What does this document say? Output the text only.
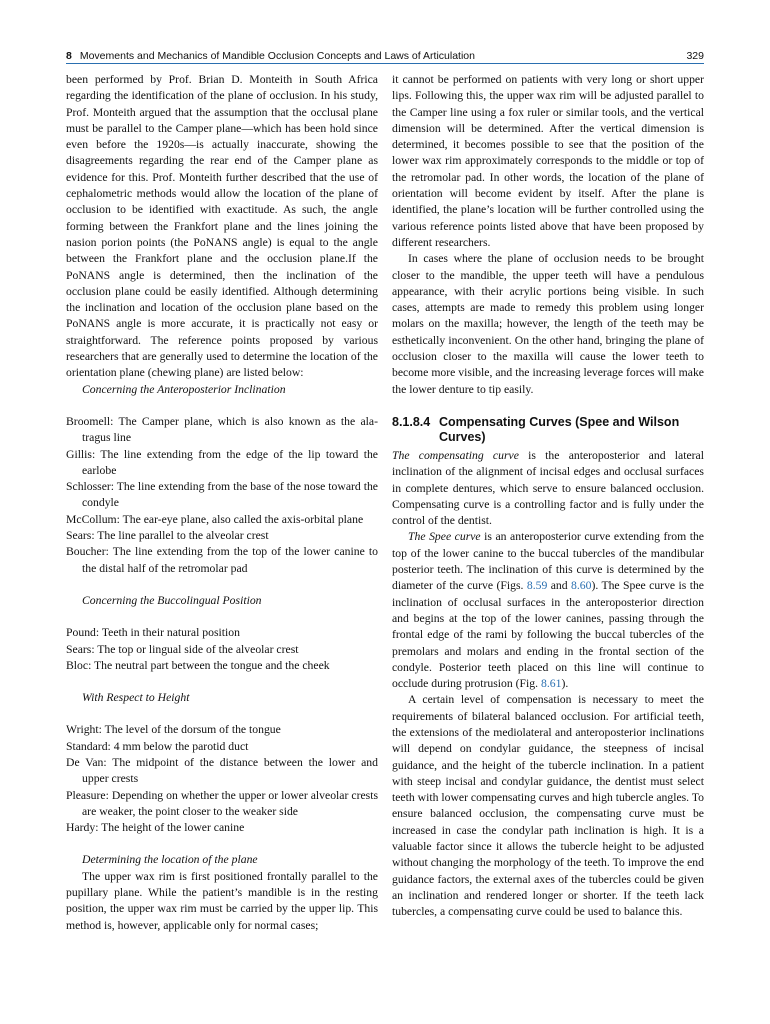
8 Movements and Mechanics of Mandible Occlusion Concepts and Laws of Articulation	329

been performed by Prof. Brian D. Monteith in South Africa regarding the identification of the plane of occlusion. In his study, Prof. Monteith argued that the assumption that the occlusal plane must be parallel to the Camper plane—which has been hold since even before the 1920s—is actually inaccurate, showing the disagreements regarding the rear end of the Camper plane as evidence for this. Prof. Monteith further described that the use of cephalometric methods would allow the location of the plane of occlusion to be identified with exactitude. As such, the angle forming between the Frankfort plane and the lines joining the nasion porion points (the PoNANS angle) is equal to the angle between the Frankfort plane and the occlusion plane.If the PoNANS angle is determined, then the inclination of the occlusion plane could be easily identified. Although determining the inclination and location of the occlusion plane based on the PoNANS angle is more accurate, it is practically not easy or straightforward. The reference points proposed by various researchers that are generally used to determine the location of the orientation plane (chewing plane) are listed below:

Concerning the Anteroposterior Inclination

Broomell: The Camper plane, which is also known as the ala-tragus line
Gillis: The line extending from the edge of the lip toward the earlobe
Schlosser: The line extending from the base of the nose toward the condyle
McCollum: The ear-eye plane, also called the axis-orbital plane
Sears: The line parallel to the alveolar crest
Boucher: The line extending from the top of the lower canine to the distal half of the retromolar pad

Concerning the Buccolingual Position

Pound: Teeth in their natural position
Sears: The top or lingual side of the alveolar crest
Bloc: The neutral part between the tongue and the cheek

With Respect to Height

Wright: The level of the dorsum of the tongue
Standard: 4 mm below the parotid duct
De Van: The midpoint of the distance between the lower and upper crests
Pleasure: Depending on whether the upper or lower alveolar crests are weaker, the point closer to the weaker side
Hardy: The height of the lower canine

Determining the location of the plane

The upper wax rim is first positioned frontally parallel to the pupillary plane. While the patient’s mandible is in the resting position, the upper wax rim must be carried by the upper lip. This method is, however, applicable only for normal cases;

it cannot be performed on patients with very long or short upper lips. Following this, the upper wax rim will be adjusted parallel to the Camper line using a fox ruler or similar tools, and the vertical dimension will be determined. After the vertical dimension is determined, it becomes possible to see that the position of the lower wax rim approximately corresponds to the middle or top of the retromolar pad. In other words, the location of the plane of orientation will become evident by itself. After the plane is identified, the plane’s location will be further controlled using the various reference points listed above that have been proposed by different researchers.

In cases where the plane of occlusion needs to be brought closer to the mandible, the upper teeth will have a pendulous appearance, with their acrylic portions being visible. In such cases, attempts are made to remedy this problem using longer molars on the maxilla; however, the length of the teeth may be esthetically inconvenient. On the other hand, bringing the plane of occlusion closer to the maxilla will cause the lower teeth to become more visible, and the increasing leverage forces will make the lower denture to tip easily.

8.1.8.4 Compensating Curves (Spee and Wilson Curves)

The compensating curve is the anteroposterior and lateral inclination of the alignment of incisal edges and occlusal surfaces in complete dentures, which serve to ensure balanced occlusion. Compensating curve is a controlling factor and is fully under the control of the dentist.

The Spee curve is an anteroposterior curve extending from the top of the lower canine to the buccal tubercles of the mandibular posterior teeth. The inclination of this curve is determined by the diameter of the curve (Figs. 8.59 and 8.60). The Spee curve is the inclination of occlusal surfaces in the anteroposterior direction and begins at the top of the lower canines, passing through the frontal edge of the rami by following the buccal tubercles of the premolars and molars and ending in the frontal section of the condyle. Posterior teeth placed on this line will continue to occlude during protrusion (Fig. 8.61).

A certain level of compensation is necessary to meet the requirements of bilateral balanced occlusion. For artificial teeth, the extensions of the mediolateral and anteroposterior inclinations will depend on condylar guidance, the steepness of incisal guidance, and the height of the tubercle inclination. In a patient with steep incisal and condylar guidance, the dentist must select teeth with lower compensating curves and high tubercle angles. To ensure balanced occlusion, the compensating curve must be increased in case the condylar path inclination is high. It is a valuable factor since it allows the tubercle height to be adjusted without changing the morphology of the teeth. To improve the end guidance factors, the external axes of the tubercles could be given an inclination and rendered longer or shorter. If the teeth lack tubercles, a compensating curve could be used to balance this.
